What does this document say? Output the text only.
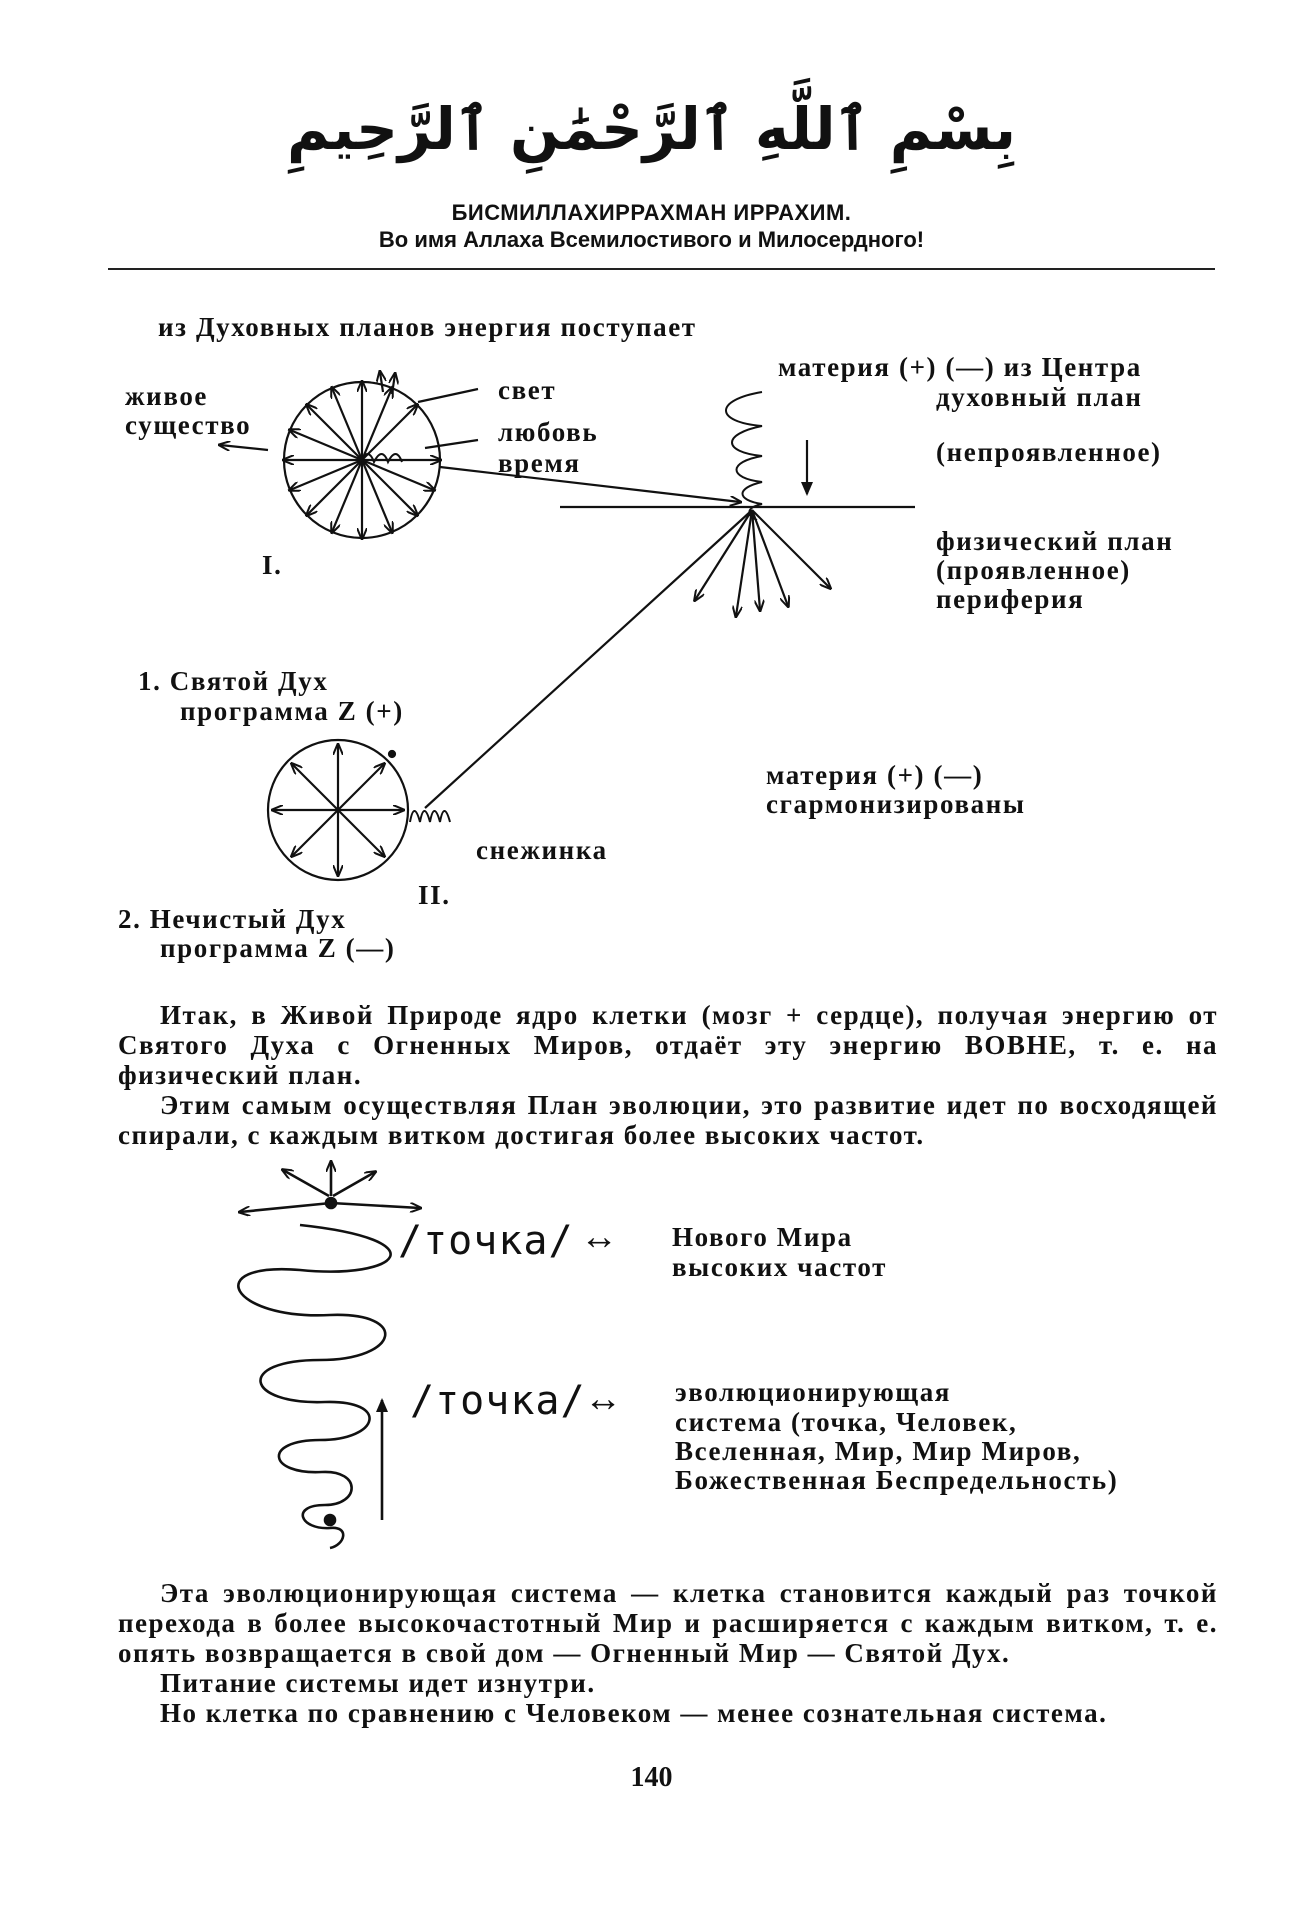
بِسْمِ ٱللَّهِ ٱلرَّحْمَٰنِ ٱلرَّحِيمِ
БИСМИЛЛАХИРРАХМАН ИРРАХИМ.
Во имя Аллаха Всемилостивого и Милосердного!
из Духовных планов энергия поступает
живое
существо
свет
любовь
время
I.
материя (+) (—) из Центра
духовный план
(непроявленное)
физический план
(проявленное)
периферия
1. Святой Дух
программа Z (+)
материя (+) (—)
сгармонизированы
снежинка
II.
2. Нечистый Дух
программа Z (—)

Итак, в Живой Природе ядро клетки (мозг + сердце), получая энергию от Святого Духа с Огненных Миров, отдаёт эту энергию ВОВНЕ, т. е. на физический план.

Этим самым осуществляя План эволюции, это развитие идет по восходящей спирали, с каждым витком достигая более высоких частот.

/точка/ ↔ Нового Мира
высоких частот
/точка/
↔ эволюционирующая
система (точка, Человек,
Вселенная, Мир, Мир Миров,
Божественная Беспредельность)

Эта эволюционирующая система — клетка становится каждый раз точкой перехода в более высокочастотный Мир и расширяется с каждым витком, т. е. опять возвращается в свой дом — Огненный Мир — Святой Дух.

Питание системы идет изнутри.

Но клетка по сравнению с Человеком — менее сознательная система.

140
